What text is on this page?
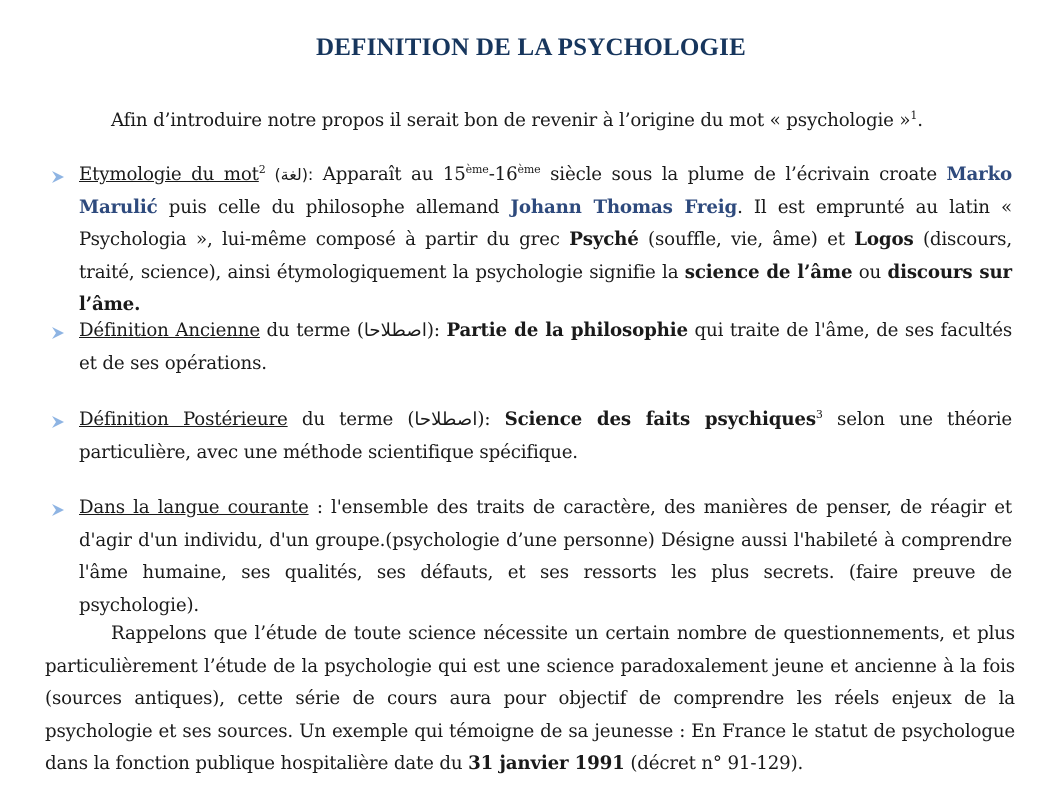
DEFINITION DE LA PSYCHOLOGIE
Afin d’introduire notre propos il serait bon de revenir à l’origine du mot « psychologie »$^1$.
Etymologie du mot$^2$ (لغة): Apparaît au 15ème-16ème siècle sous la plume de l’écrivain croate Marko Marulić puis celle du philosophe allemand Johann Thomas Freig. Il est emprunté au latin « Psychologia », lui-même composé à partir du grec Psyché (souffle, vie, âme) et Logos (discours, traité, science), ainsi étymologiquement la psychologie signifie la science de l’âme ou discours sur l’âme.
Définition Ancienne du terme (اصطلاحا): Partie de la philosophie qui traite de l'âme, de ses facultés et de ses opérations.
Définition Postérieure du terme (اصطلاحا): Science des faits psychiques$^3$ selon une théorie particulière, avec une méthode scientifique spécifique.
Dans la langue courante : l'ensemble des traits de caractère, des manières de penser, de réagir et d'agir d'un individu, d'un groupe.(psychologie d’une personne) Désigne aussi l'habileté à comprendre l'âme humaine, ses qualités, ses défauts, et ses ressorts les plus secrets. (faire preuve de psychologie).
Rappelons que l’étude de toute science nécessite un certain nombre de questionnements, et plus particulièrement l’étude de la psychologie qui est une science paradoxalement jeune et ancienne à la fois (sources antiques), cette série de cours aura pour objectif de comprendre les réels enjeux de la psychologie et ses sources. Un exemple qui témoigne de sa jeunesse : En France le statut de psychologue dans la fonction publique hospitalière date du 31 janvier 1991 (décret n° 91-129).
